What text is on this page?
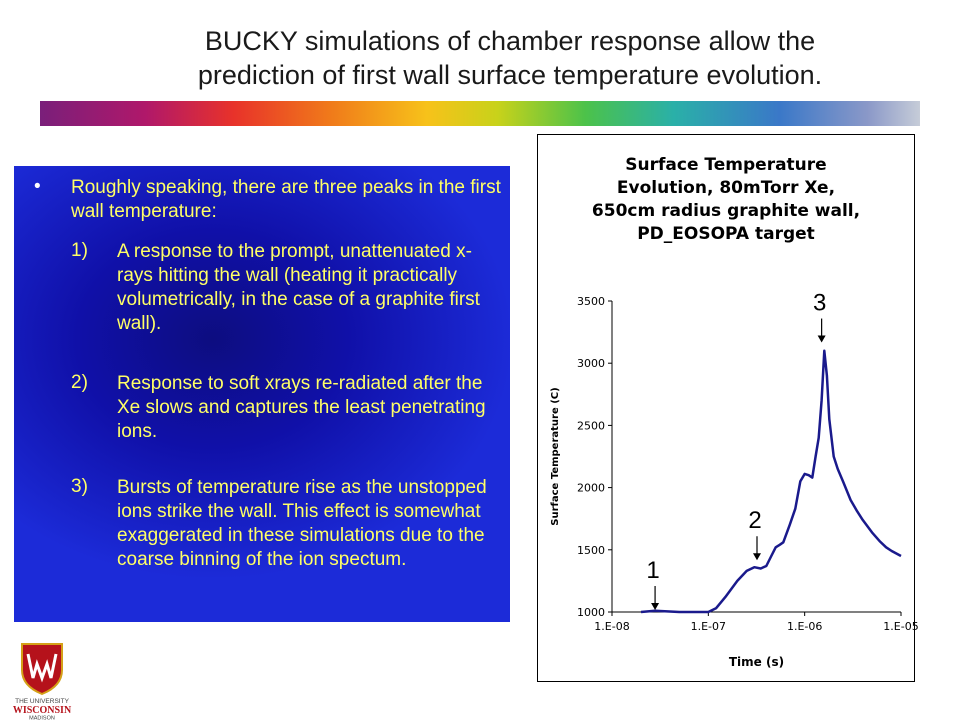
BUCKY simulations of chamber response allow the
prediction of first wall surface temperature evolution.
• Roughly speaking, there are three peaks in the first wall temperature:
1) A response to the prompt, unattenuated x-rays hitting the wall (heating it practically volumetrically, in the case of a graphite first wall).
2) Response to soft xrays re-radiated after the Xe slows and captures the least penetrating ions.
3) Bursts of temperature rise as the unstopped ions strike the wall. This effect is somewhat exaggerated in these simulations due to the coarse binning of the ion spectum.
Surface Temperature
Evolution, 80mTorr Xe,
650cm radius graphite wall,
PD_EOSOPA target
Time (s)
Surface Temperature (C)
1000
1500
2000
2500
3000
3500
1.E-08	1.E-07	1.E-06	1.E-05
1
2
3
THE UNIVERSITY
WISCONSIN
MADISON
